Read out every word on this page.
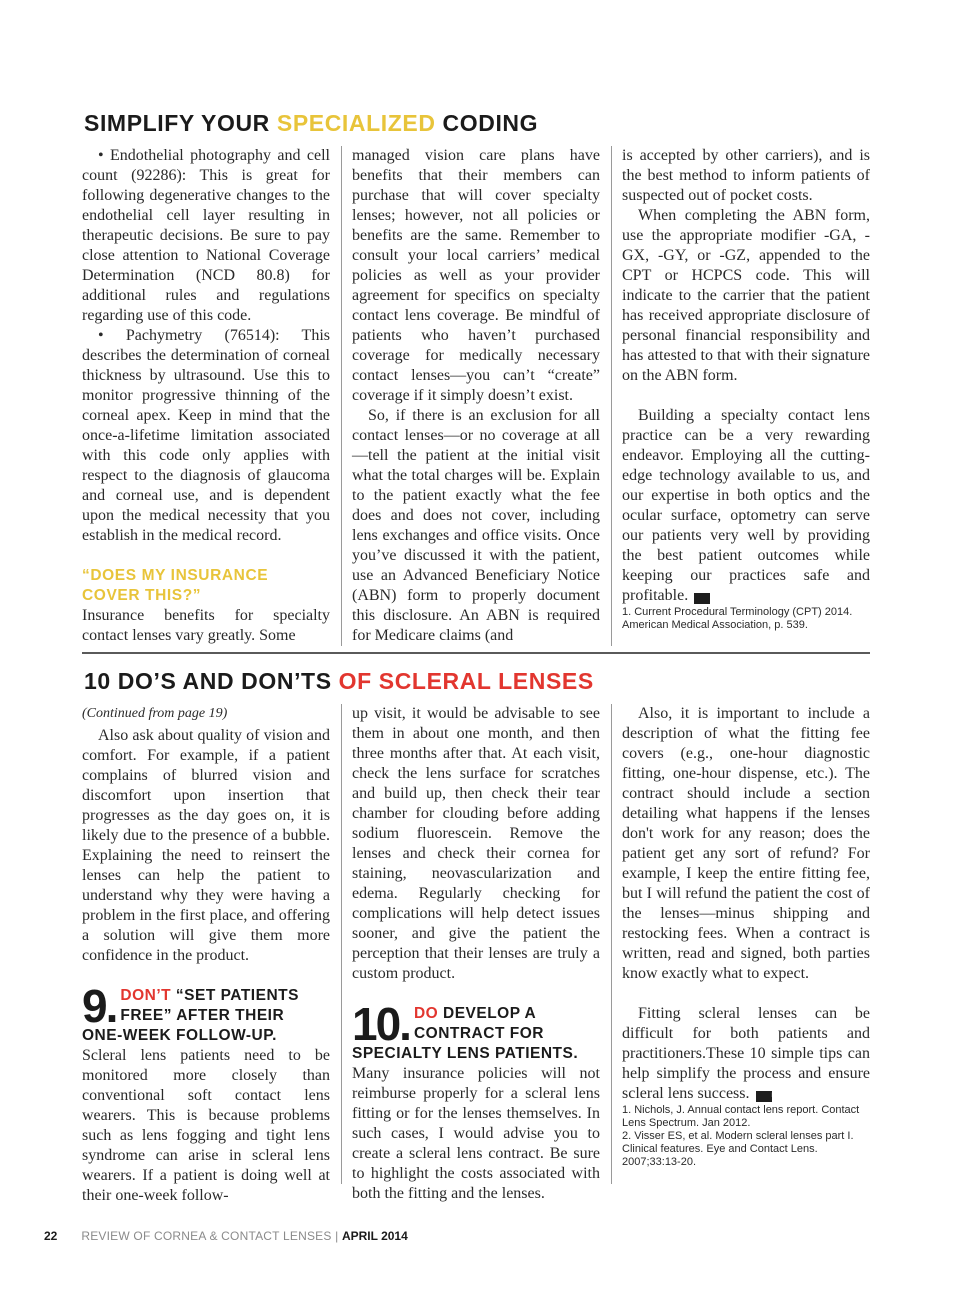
SIMPLIFY YOUR SPECIALIZED CODING

• Endothelial photography and cell count (92286): This is great for following degenerative changes to the endothelial cell layer resulting in therapeutic decisions. Be sure to pay close attention to National Coverage Determination (NCD 80.8) for additional rules and regulations regarding use of this code.

• Pachymetry (76514): This describes the determination of corneal thickness by ultrasound. Use this to monitor progressive thinning of the corneal apex. Keep in mind that the once-a-lifetime limitation associated with this code only applies with respect to the diagnosis of glaucoma and corneal use, and is dependent upon the medical necessity that you establish in the medical record.

“DOES MY INSURANCE COVER THIS?”

Insurance benefits for specialty contact lenses vary greatly. Some

managed vision care plans have benefits that their members can purchase that will cover specialty lenses; however, not all policies or benefits are the same. Remember to consult your local carriers’ medical policies as well as your provider agreement for specifics on specialty contact lens coverage. Be mindful of patients who haven’t purchased coverage for medically necessary contact lenses—you can’t “create” coverage if it simply doesn’t exist.

So, if there is an exclusion for all contact lenses—or no coverage at all—tell the patient at the initial visit what the total charges will be. Explain to the patient exactly what the fee does and does not cover, including lens exchanges and office visits. Once you’ve discussed it with the patient, use an Advanced Beneficiary Notice (ABN) form to properly document this disclosure. An ABN is required for Medicare claims (and

is accepted by other carriers), and is the best method to inform patients of suspected out of pocket costs.

When completing the ABN form, use the appropriate modifier -GA, -GX, -GY, or -GZ, appended to the CPT or HCPCS code. This will indicate to the carrier that the patient has received appropriate disclosure of personal financial responsibility and has attested to that with their signature on the ABN form.

Building a specialty contact lens practice can be a very rewarding endeavor. Employing all the cutting-edge technology available to us, and our expertise in both optics and the ocular surface, optometry can serve our patients very well by providing the best patient outcomes while keeping our practices safe and profitable.	RCCL

1. Current Procedural Terminology (CPT) 2014. American Medical Association, p. 539.

10 DO’S AND DON’TS OF SCLERAL LENSES

(Continued from page 19)

Also ask about quality of vision and comfort. For example, if a patient complains of blurred vision and discomfort upon insertion that progresses as the day goes on, it is likely due to the presence of a bubble. Explaining the need to reinsert the lenses can help the patient to understand why they were having a problem in the first place, and offering a solution will give them more confidence in the product.

9. DON’T “SET PATIENTS FREE” AFTER THEIR
ONE-WEEK FOLLOW-UP.

Scleral lens patients need to be monitored more closely than conventional soft contact lens wearers. This is because problems such as lens fogging and tight lens syndrome can arise in scleral lens wearers. If a patient is doing well at their one-week follow-

up visit, it would be advisable to see them in about one month, and then three months after that. At each visit, check the lens surface for scratches and build up, then check their tear chamber for clouding before adding sodium fluorescein. Remove the lenses and check their cornea for staining, neovascularization and edema. Regularly checking for complications will help detect issues sooner, and give the patient the perception that their lenses are truly a custom product.

10. DO DEVELOP A CONTRACT FOR
SPECIALTY LENS PATIENTS.

Many insurance policies will not reimburse properly for a scleral lens fitting or for the lenses themselves. In such cases, I would advise you to create a scleral lens contract. Be sure to highlight the costs associated with both the fitting and the lenses.

Also, it is important to include a description of what the fitting fee covers (e.g., one-hour diagnostic fitting, one-hour dispense, etc.). The contract should include a section detailing what happens if the lenses don't work for any reason; does the patient get any sort of refund? For example, I keep the entire fitting fee, but I will refund the patient the cost of the lenses—minus shipping and restocking fees. When a contract is written, read and signed, both parties know exactly what to expect.

Fitting scleral lenses can be difficult for both patients and practitioners.These 10 simple tips can help simplify the process and ensure scleral lens success.	RCCL

1. Nichols, J. Annual contact lens report. Contact Lens Spectrum. Jan 2012.

2. Visser ES, et al. Modern scleral lenses part I. Clinical features. Eye and Contact Lens. 2007;33:13-20.

22 REVIEW OF CORNEA & CONTACT LENSES | APRIL 2014
